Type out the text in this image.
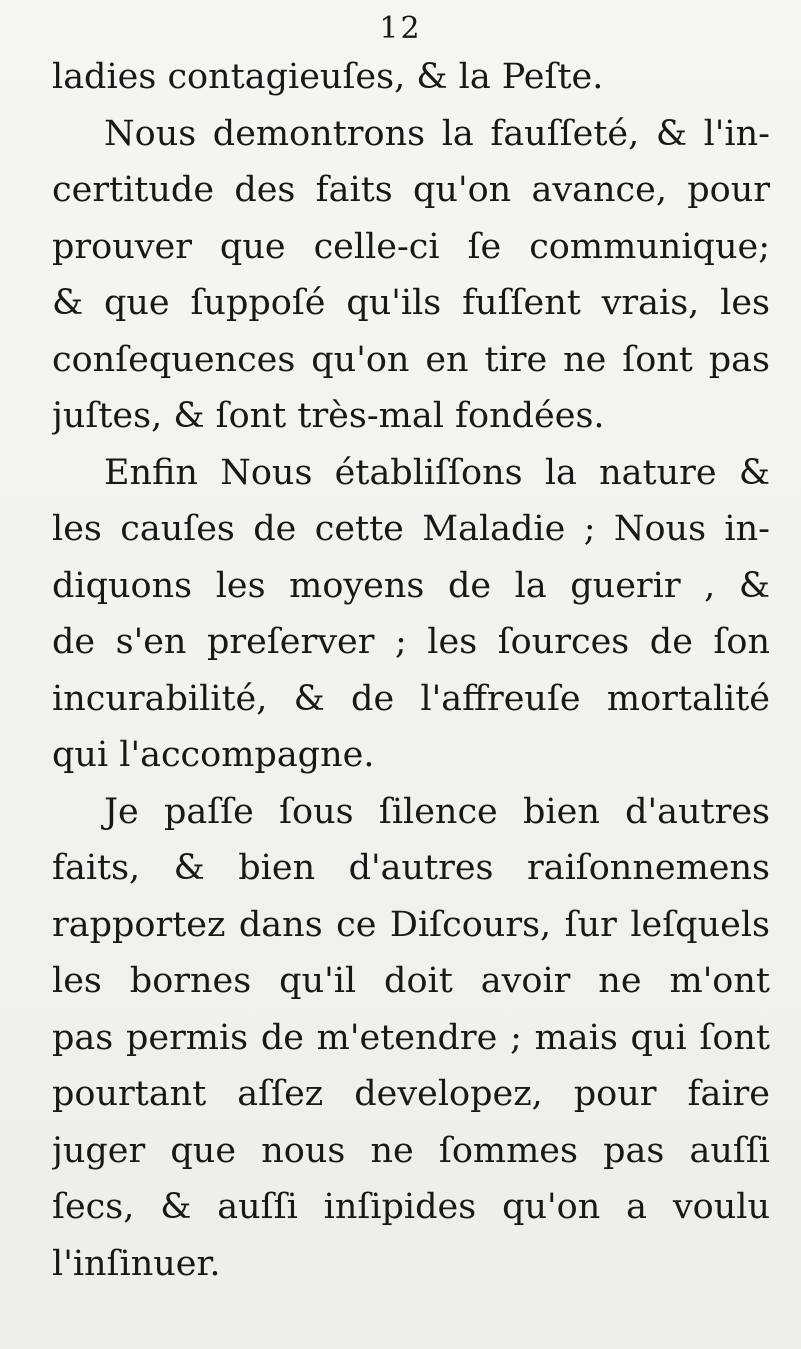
12
ladies contagieuſes, & la Peſte.
Nous demontrons la fauſſeté, & l'in-
certitude des faits qu'on avance, pour
prouver que celle-ci ſe communique;
& que ſuppoſé qu'ils fuſſent vrais, les
conſequences qu'on en tire ne ſont pas
juſtes, & ſont très-mal fondées.
Enfin Nous établiſſons la nature &
les cauſes de cette Maladie ; Nous in-
diquons les moyens de la guerir , &
de s'en preſerver ; les ſources de ſon
incurabilité, & de l'affreuſe mortalité
qui l'accompagne.
Je paſſe ſous ſilence bien d'autres
faits, & bien d'autres raiſonnemens
rapportez dans ce Diſcours, ſur leſquels
les bornes qu'il doit avoir ne m'ont
pas permis de m'etendre ; mais qui ſont
pourtant aſſez developez, pour faire
juger que nous ne ſommes pas auſſi
ſecs, & auſſi inſipides qu'on a voulu
l'inſinuer.
